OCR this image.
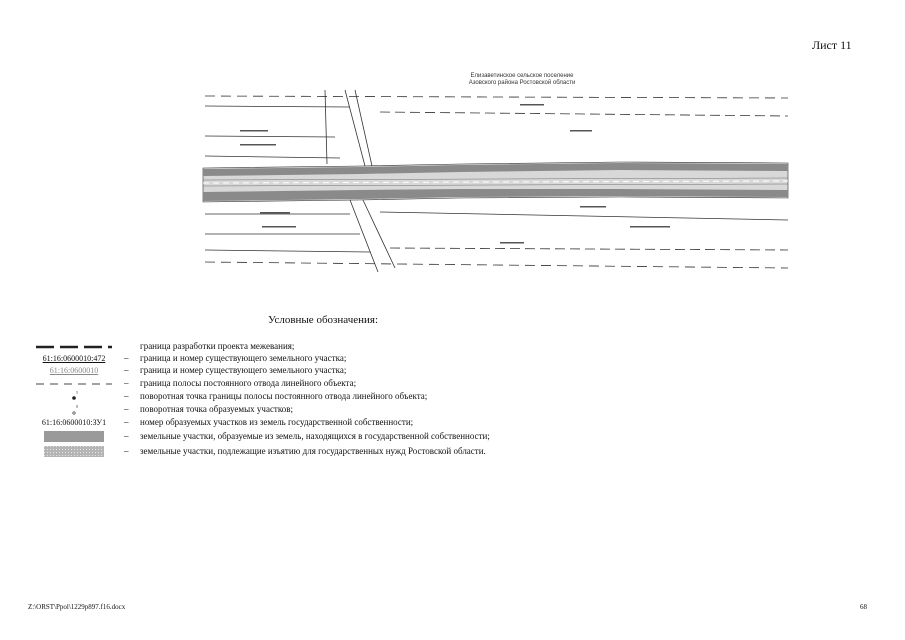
Лист 11
Елизаветинское сельское поселение
Азовского района Ростовской области
Условные обозначения:
граница разработки проекта межевания;
61:16:0600010:472	– граница и номер существующего земельного участка;
61:16:0600010	– граница и номер существующего земельного участка;
– граница полосы постоянного отвода линейного объекта;
5	– поворотная точка границы полосы постоянного отвода линейного объекта;
8	– поворотная точка образуемых участков;
61:16:0600010:ЗУ1	– номер образуемых участков из земель государственной собственности;
– земельные участки, образуемые из земель, находящихся в государственной собственности;
– земельные участки, подлежащие изъятию для государственных нужд Ростовской области.
Z:\ORST\Ppol\1229p897.f16.docx	68
